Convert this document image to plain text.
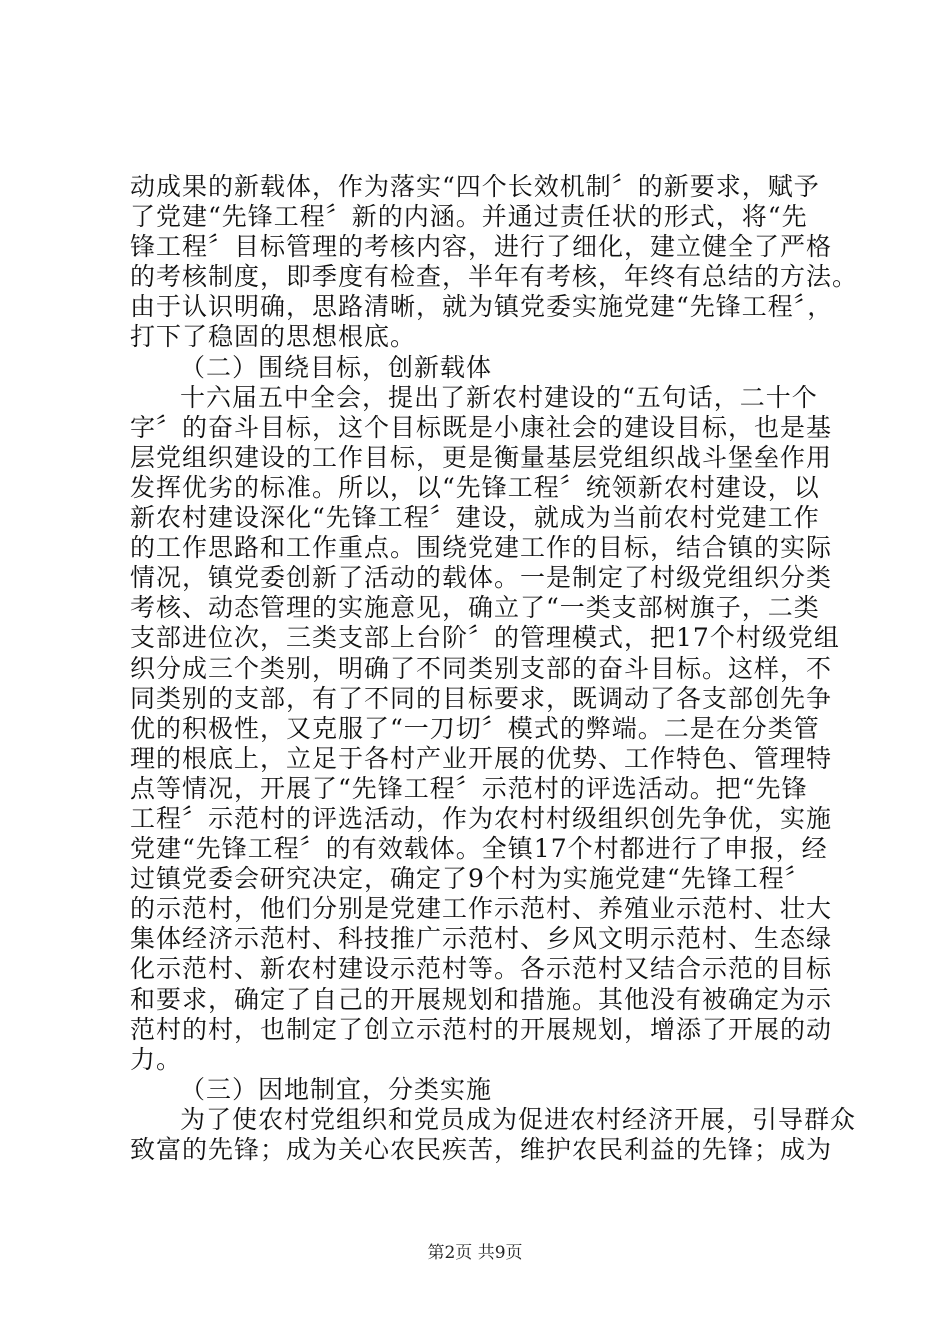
动成果的新载体，作为落实“四个长效机制〞的新要求，赋予
了党建“先锋工程〞新的内涵。并通过责任状的形式，将“先
锋工程〞目标管理的考核内容，进行了细化，建立健全了严格
的考核制度，即季度有检查，半年有考核，年终有总结的方法。
由于认识明确，思路清晰，就为镇党委实施党建“先锋工程〞，
打下了稳固的思想根底。
（二）围绕目标，创新载体
十六届五中全会，提出了新农村建设的“五句话，二十个
字〞的奋斗目标，这个目标既是小康社会的建设目标，也是基
层党组织建设的工作目标，更是衡量基层党组织战斗堡垒作用
发挥优劣的标准。所以，以“先锋工程〞统领新农村建设，以
新农村建设深化“先锋工程〞建设，就成为当前农村党建工作
的工作思路和工作重点。围绕党建工作的目标，结合镇的实际
情况，镇党委创新了活动的载体。一是制定了村级党组织分类
考核、动态管理的实施意见，确立了“一类支部树旗子，二类
支部进位次，三类支部上台阶〞的管理模式，把17个村级党组
织分成三个类别，明确了不同类别支部的奋斗目标。这样，不
同类别的支部，有了不同的目标要求，既调动了各支部创先争
优的积极性，又克服了“一刀切〞模式的弊端。二是在分类管
理的根底上，立足于各村产业开展的优势、工作特色、管理特
点等情况，开展了“先锋工程〞示范村的评选活动。把“先锋
工程〞示范村的评选活动，作为农村村级组织创先争优，实施
党建“先锋工程〞的有效载体。全镇17个村都进行了申报，经
过镇党委会研究决定，确定了9个村为实施党建“先锋工程〞
的示范村，他们分别是党建工作示范村、养殖业示范村、壮大
集体经济示范村、科技推广示范村、乡风文明示范村、生态绿
化示范村、新农村建设示范村等。各示范村又结合示范的目标
和要求，确定了自己的开展规划和措施。其他没有被确定为示
范村的村，也制定了创立示范村的开展规划，增添了开展的动
力。
（三）因地制宜，分类实施
为了使农村党组织和党员成为促进农村经济开展，引导群众
致富的先锋；成为关心农民疾苦，维护农民利益的先锋；成为
第2页 共9页
